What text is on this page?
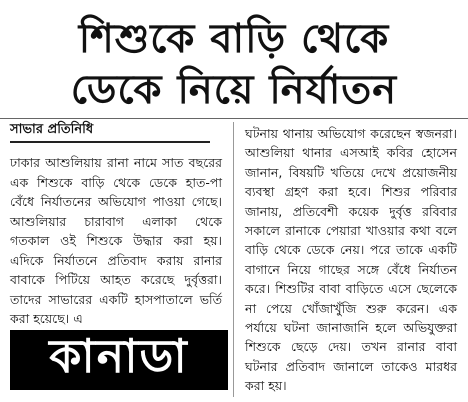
শিশুকে বাড়ি থেকে
ডেকে নিয়ে নির্যাতন
সাভার প্রতিনিধি

ঢাকার আশুলিয়ায় রানা নামে সাত বছরের এক শিশুকে বাড়ি থেকে ডেকে হাত-পা বেঁধে নির্যাতনের অভিযোগ পাওয়া গেছে। আশুলিয়ার চারাবাগ এলাকা থেকে গতকাল ওই শিশুকে উদ্ধার করা হয়। এদিকে নির্যাতনে প্রতিবাদ করায় রানার বাবাকে পিটিয়ে আহত করেছে দুর্বৃত্তরা। তাদের সাভারের একটি হাসপাতালে ভর্তি করা হয়েছে। এ

ঘটনায় থানায় অভিযোগ করেছেন স্বজনরা। আশুলিয়া থানার এসআই কবির হোসেন জানান, বিষয়টি খতিয়ে দেখে প্রয়োজনীয় ব্যবস্থা গ্রহণ করা হবে। শিশুর পরিবার জানায়, প্রতিবেশী কয়েক দুর্বৃত্ত রবিবার সকালে রানাকে পেয়ারা খাওয়ার কথা বলে বাড়ি থেকে ডেকে নেয়। পরে তাকে একটি বাগানে নিয়ে গাছের সঙ্গে বেঁধে নির্যাতন করে। শিশুটির বাবা বাড়িতে এসে ছেলেকে না পেয়ে খোঁজাখুঁজি শুরু করেন। এক পর্যায়ে ঘটনা জানাজানি হলে অভিযুক্তরা শিশুকে ছেড়ে দেয়। তখন রানার বাবা ঘটনার প্রতিবাদ জানালে তাকেও মারধর করা হয়।

কানাডা
